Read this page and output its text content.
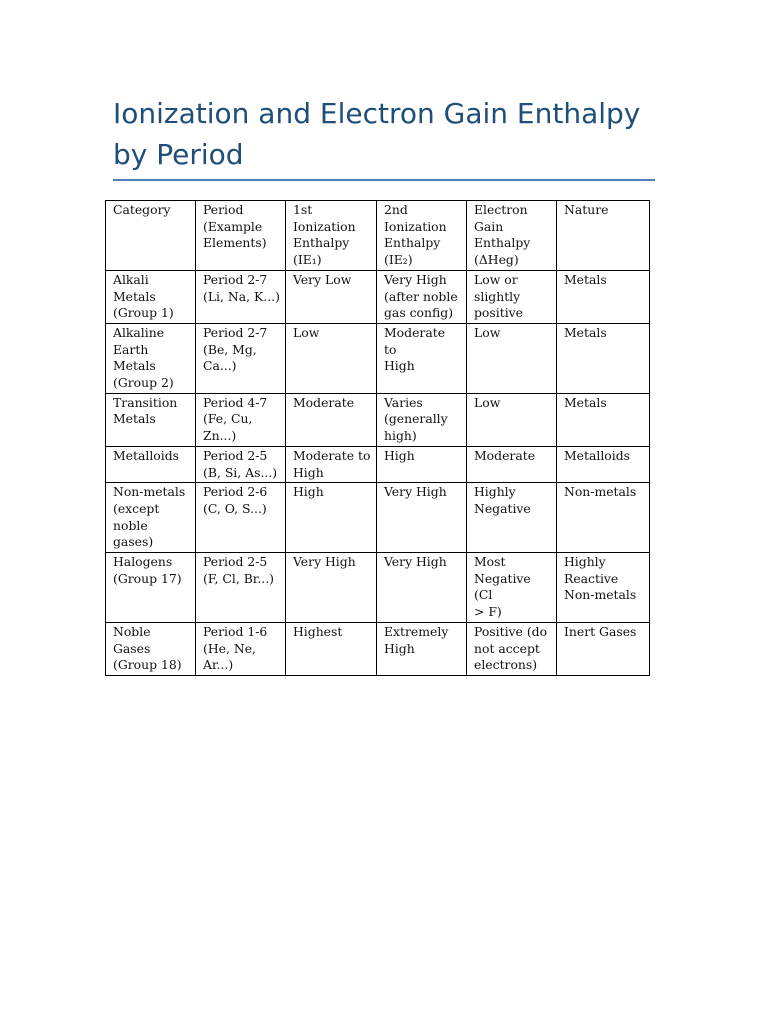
Ionization and Electron Gain Enthalpy by Period
Category	Period
(Example
Elements)	1st
Ionization
Enthalpy
(IE₁)	2nd
Ionization
Enthalpy
(IE₂)	Electron
Gain
Enthalpy
(ΔHeg)	Nature

Alkali Metals
(Group 1)	Period 2-7
(Li, Na, K...)	Very Low	Very High
(after noble
gas config)	Low or
slightly
positive	Metals

Alkaline
Earth Metals
(Group 2)	Period 2-7
(Be, Mg,
Ca...)	Low	Moderate to
High	Low	Metals

Transition
Metals	Period 4-7
(Fe, Cu, Zn...)	Moderate	Varies
(generally
high)	Low	Metals

Metalloids	Period 2-5
(B, Si, As...)	Moderate to
High	High	Moderate	Metalloids

Non-metals
(except
noble gases)	Period 2-6
(C, O, S...)	High	Very High	Highly
Negative	Non-metals

Halogens
(Group 17)	Period 2-5
(F, Cl, Br...)	Very High	Very High	Most
Negative (Cl
> F)	Highly
Reactive
Non-metals

Noble Gases
(Group 18)	Period 1-6
(He, Ne,
Ar...)	Highest	Extremely
High	Positive (do
not accept
electrons)	Inert Gases
